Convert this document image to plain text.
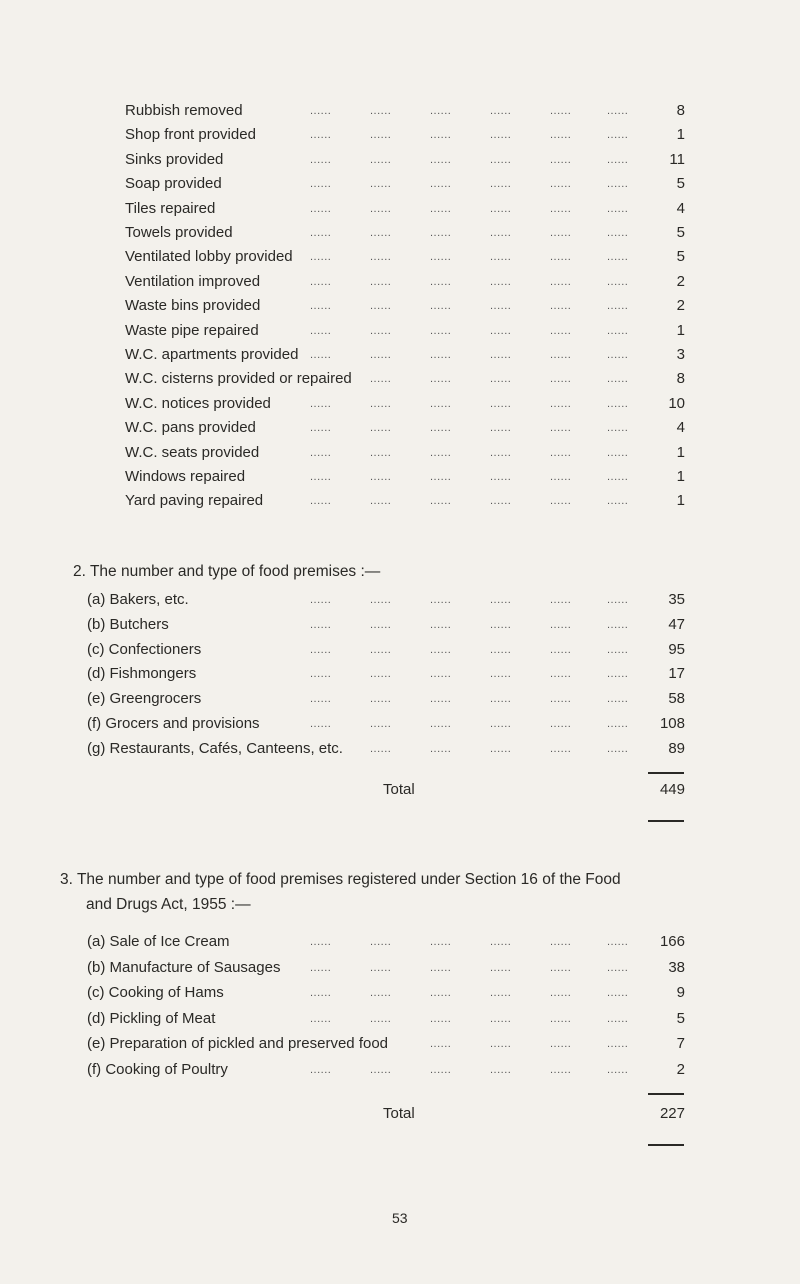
Rubbish removed	......	......	......	......	......	......	8
Shop front provided	......	......	......	......	......	......	1
Sinks provided	......	......	......	......	......	......	11
Soap provided	......	......	......	......	......	......	5
Tiles repaired	......	......	......	......	......	......	4
Towels provided	......	......	......	......	......	......	5
Ventilated lobby provided ......	......	......	......	......	......	5
Ventilation improved	......	......	......	......	......	......	2
Waste bins provided	......	......	......	......	......	......	2
Waste pipe repaired	......	......	......	......	......	......	1
W.C. apartments provided ......	......	......	......	......	......	3
W.C. cisterns provided or repaired ......	......	......	......	......	8
W.C. notices provided	......	......	......	......	......	......	10
W.C. pans provided	......	......	......	......	......	......	4
W.C. seats provided	......	......	......	......	......	......	1
Windows repaired	......	......	......	......	......	......	1
Yard paving repaired	......	......	......	......	......	......	1
2. The number and type of food premises :—
(a) Bakers, etc.	......	......	......	......	......	......	35
(b) Butchers	......	......	......	......	......	......	47
(c) Confectioners	......	......	......	......	......	......	95
(d) Fishmongers	......	......	......	......	......	......	17
(e) Greengrocers	......	......	......	......	......	......	58
(f) Grocers and provisions	......	......	......	......	......	......	108
(g) Restaurants, Cafés, Canteens, etc. ......	......	......	......	......	89
Total	449
3. The number and type of food premises registered under Section 16 of the Food
and Drugs Act, 1955 :—
(a) Sale of Ice Cream	......	......	......	......	......	......	166
(b) Manufacture of Sausages	......	......	......	......	......	......	38
(c) Cooking of Hams	......	......	......	......	......	......	9
(d) Pickling of Meat	......	......	......	......	......	......	5
(e) Preparation of pickled and preserved food	......	......	......	......	7
(f) Cooking of Poultry	......	......	......	......	......	......	2
Total	227
53
